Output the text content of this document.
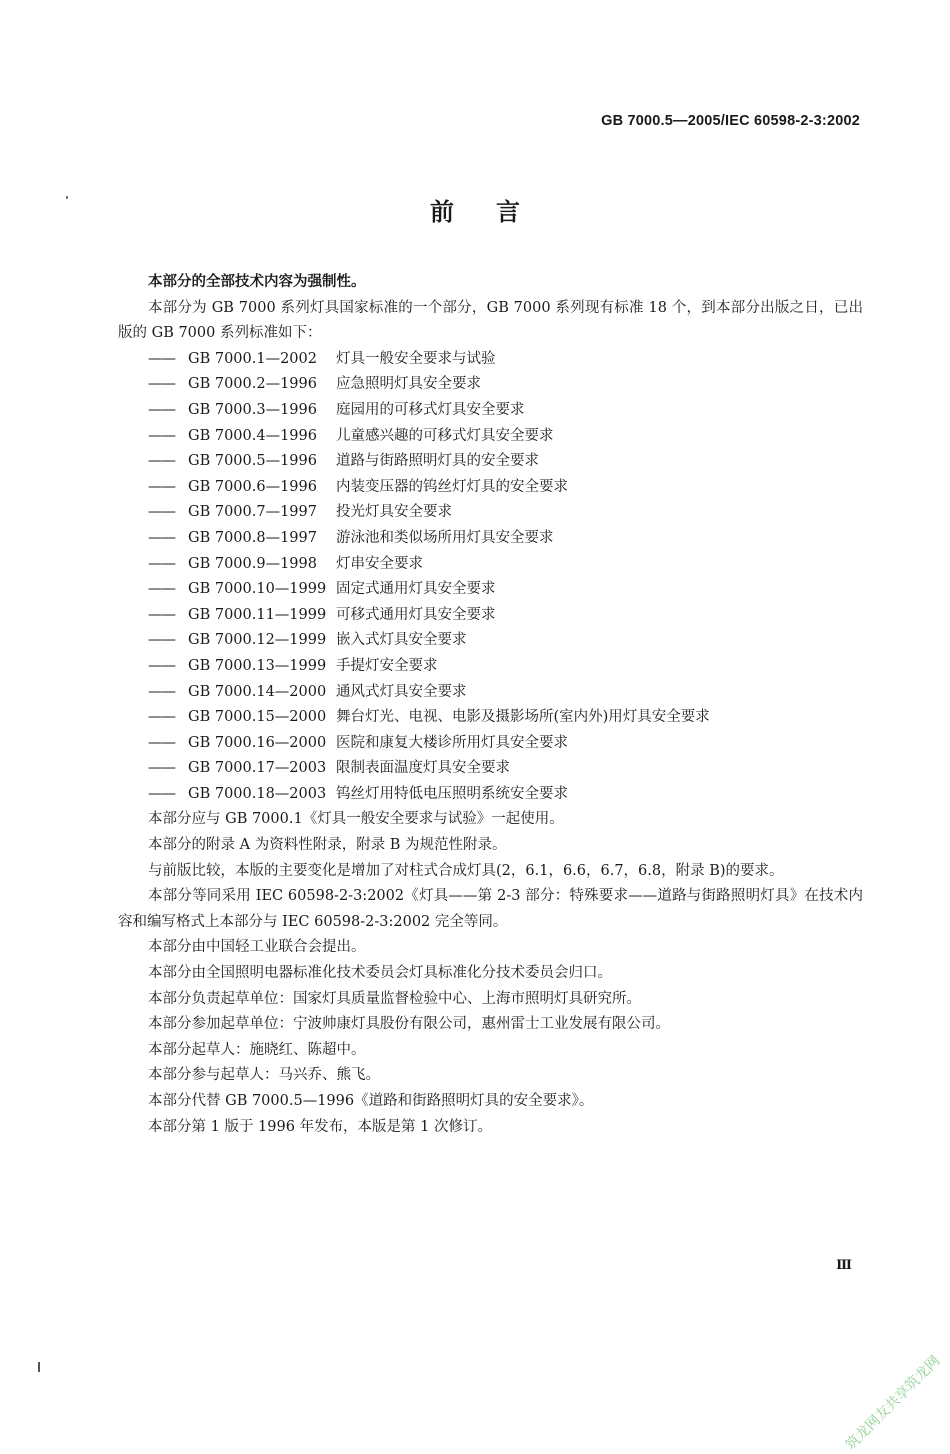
GB 7000.5—2005/IEC 60598-2-3:2002
前言
本部分的全部技术内容为强制性。
本部分为 GB 7000 系列灯具国家标准的一个部分，GB 7000 系列现有标准 18 个，到本部分出版之日，已出版的 GB 7000 系列标准如下：
—— GB 7000.1—2002 灯具一般安全要求与试验
—— GB 7000.2—1996 应急照明灯具安全要求
—— GB 7000.3—1996 庭园用的可移式灯具安全要求
—— GB 7000.4—1996 儿童感兴趣的可移式灯具安全要求
—— GB 7000.5—1996 道路与街路照明灯具的安全要求
—— GB 7000.6—1996 内装变压器的钨丝灯灯具的安全要求
—— GB 7000.7—1997 投光灯具安全要求
—— GB 7000.8—1997 游泳池和类似场所用灯具安全要求
—— GB 7000.9—1998 灯串安全要求
—— GB 7000.10—1999 固定式通用灯具安全要求
—— GB 7000.11—1999 可移式通用灯具安全要求
—— GB 7000.12—1999 嵌入式灯具安全要求
—— GB 7000.13—1999 手提灯安全要求
—— GB 7000.14—2000 通风式灯具安全要求
—— GB 7000.15—2000 舞台灯光、电视、电影及摄影场所(室内外)用灯具安全要求
—— GB 7000.16—2000 医院和康复大楼诊所用灯具安全要求
—— GB 7000.17—2003 限制表面温度灯具安全要求
—— GB 7000.18—2003 钨丝灯用特低电压照明系统安全要求
本部分应与 GB 7000.1《灯具一般安全要求与试验》一起使用。
本部分的附录 A 为资料性附录，附录 B 为规范性附录。
与前版比较，本版的主要变化是增加了对柱式合成灯具(2，6.1，6.6，6.7，6.8，附录 B)的要求。
本部分等同采用 IEC 60598-2-3:2002《灯具——第 2-3 部分：特殊要求——道路与街路照明灯具》在技术内容和编写格式上本部分与 IEC 60598-2-3:2002 完全等同。
本部分由中国轻工业联合会提出。
本部分由全国照明电器标准化技术委员会灯具标准化分技术委员会归口。
本部分负责起草单位：国家灯具质量监督检验中心、上海市照明灯具研究所。
本部分参加起草单位：宁波帅康灯具股份有限公司，惠州雷士工业发展有限公司。
本部分起草人：施晓红、陈超中。
本部分参与起草人：马兴乔、熊飞。
本部分代替 GB 7000.5—1996《道路和街路照明灯具的安全要求》。
本部分第 1 版于 1996 年发布，本版是第 1 次修订。
Ⅲ
筑龙网友共享筑龙网
